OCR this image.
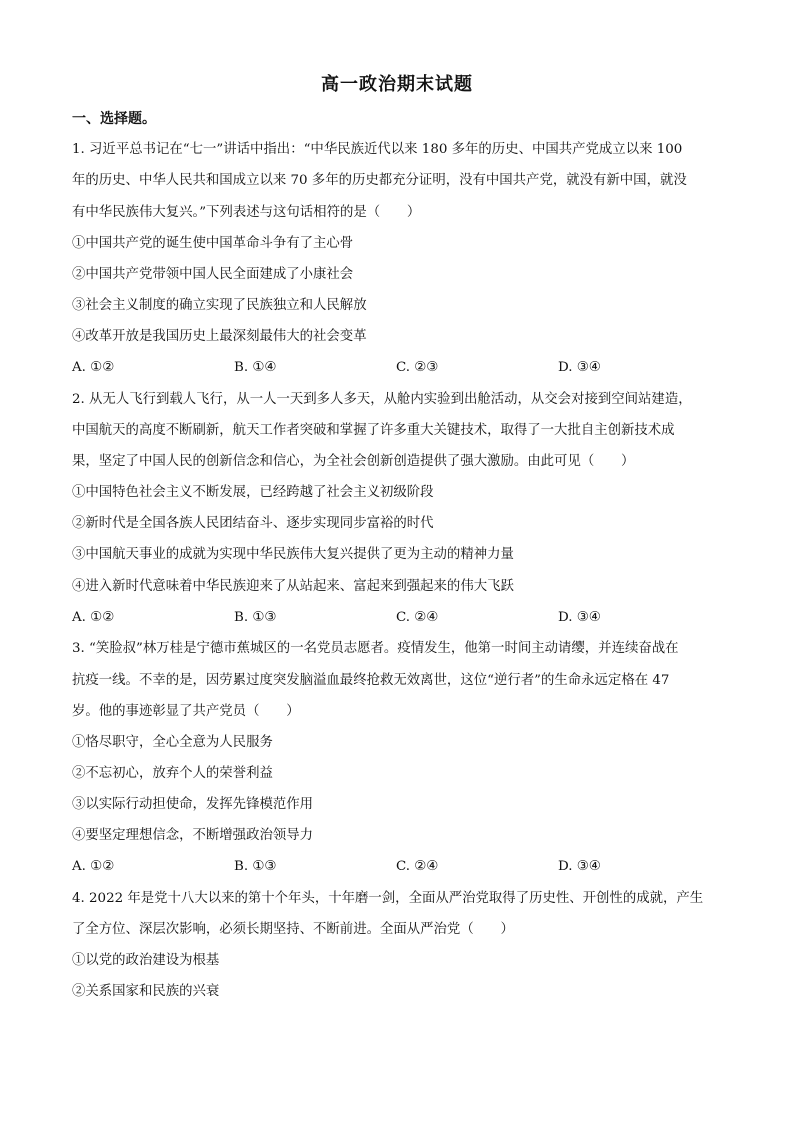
高一政治期末试题
一、选择题。
1. 习近平总书记在“七一”讲话中指出：“中华民族近代以来 180 多年的历史、中国共产党成立以来 100
年的历史、中华人民共和国成立以来 70 多年的历史都充分证明，没有中国共产党，就没有新中国，就没
有中华民族伟大复兴。”下列表述与这句话相符的是（　　）
①中国共产党的诞生使中国革命斗争有了主心骨
②中国共产党带领中国人民全面建成了小康社会
③社会主义制度的确立实现了民族独立和人民解放
④改革开放是我国历史上最深刻最伟大的社会变革
A. ①②	B. ①④	C. ②③	D. ③④
2. 从无人飞行到载人飞行，从一人一天到多人多天，从舱内实验到出舱活动，从交会对接到空间站建造，
中国航天的高度不断刷新，航天工作者突破和掌握了许多重大关键技术，取得了一大批自主创新技术成
果，坚定了中国人民的创新信念和信心，为全社会创新创造提供了强大激励。由此可见（　　）
①中国特色社会主义不断发展，已经跨越了社会主义初级阶段
②新时代是全国各族人民团结奋斗、逐步实现同步富裕的时代
③中国航天事业的成就为实现中华民族伟大复兴提供了更为主动的精神力量
④进入新时代意味着中华民族迎来了从站起来、富起来到强起来的伟大飞跃
A. ①②	B. ①③	C. ②④	D. ③④
3. “笑脸叔”林万桂是宁德市蕉城区的一名党员志愿者。疫情发生，他第一时间主动请缨，并连续奋战在
抗疫一线。不幸的是，因劳累过度突发脑溢血最终抢救无效离世，这位“逆行者”的生命永远定格在 47
岁。他的事迹彰显了共产党员（　　）
①恪尽职守，全心全意为人民服务
②不忘初心，放弃个人的荣誉利益
③以实际行动担使命，发挥先锋模范作用
④要坚定理想信念，不断增强政治领导力
A. ①②	B. ①③	C. ②④	D. ③④
4. 2022 年是党十八大以来的第十个年头，十年磨一剑，全面从严治党取得了历史性、开创性的成就，产生
了全方位、深层次影响，必须长期坚持、不断前进。全面从严治党（　　）
①以党的政治建设为根基
②关系国家和民族的兴衰
